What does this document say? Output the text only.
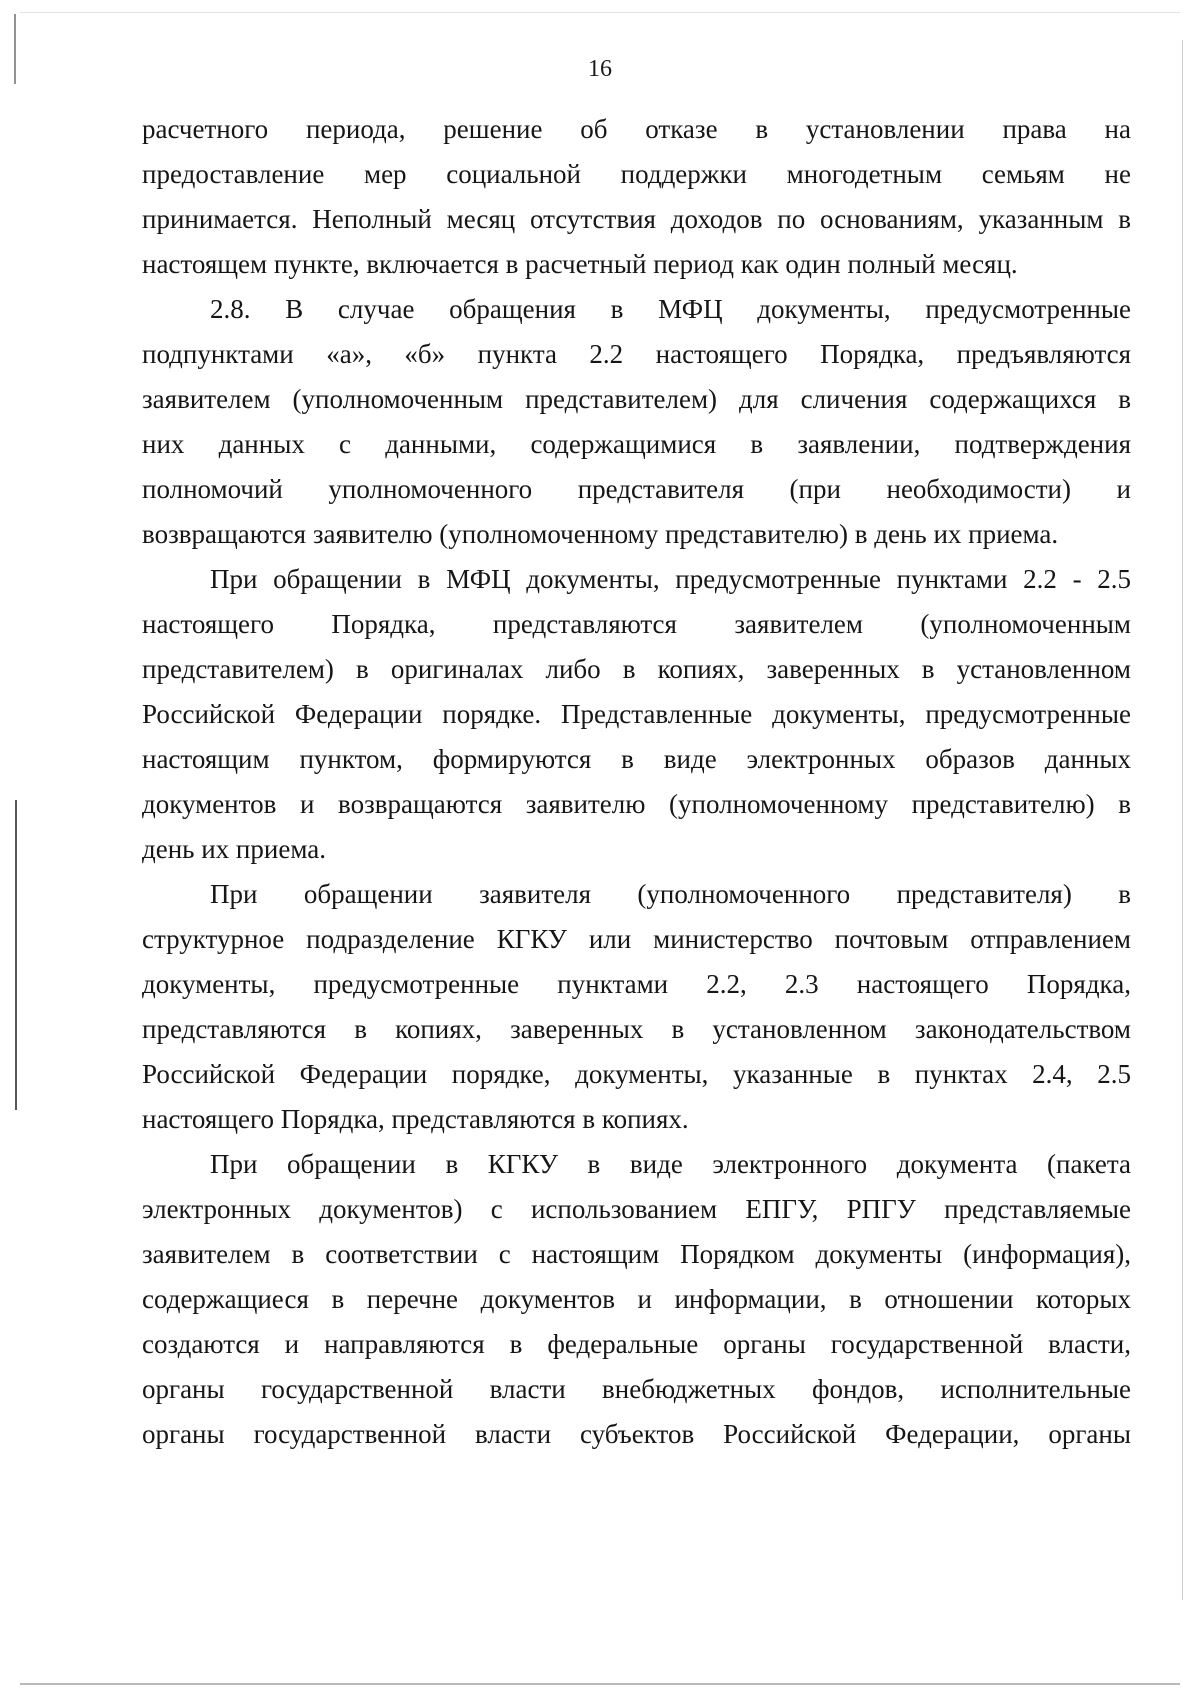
16
расчетного периода, решение об отказе в установлении права на
предоставление мер социальной поддержки многодетным семьям не
принимается. Неполный месяц отсутствия доходов по основаниям, указанным в
настоящем пункте, включается в расчетный период как один полный месяц.
2.8. В случае обращения в МФЦ документы, предусмотренные
подпунктами «а», «б» пункта 2.2 настоящего Порядка, предъявляются
заявителем (уполномоченным представителем) для сличения содержащихся в
них данных с данными, содержащимися в заявлении, подтверждения
полномочий уполномоченного представителя (при необходимости) и
возвращаются заявителю (уполномоченному представителю) в день их приема.
При обращении в МФЦ документы, предусмотренные пунктами 2.2 - 2.5
настоящего Порядка, представляются заявителем (уполномоченным
представителем) в оригиналах либо в копиях, заверенных в установленном
Российской Федерации порядке. Представленные документы, предусмотренные
настоящим пунктом, формируются в виде электронных образов данных
документов и возвращаются заявителю (уполномоченному представителю) в
день их приема.
При обращении заявителя (уполномоченного представителя) в
структурное подразделение КГКУ или министерство почтовым отправлением
документы, предусмотренные пунктами 2.2, 2.3 настоящего Порядка,
представляются в копиях, заверенных в установленном законодательством
Российской Федерации порядке, документы, указанные в пунктах 2.4, 2.5
настоящего Порядка, представляются в копиях.
При обращении в КГКУ в виде электронного документа (пакета
электронных документов) с использованием ЕПГУ, РПГУ представляемые
заявителем в соответствии с настоящим Порядком документы (информация),
содержащиеся в перечне документов и информации, в отношении которых
создаются и направляются в федеральные органы государственной власти,
органы государственной власти внебюджетных фондов, исполнительные
органы государственной власти субъектов Российской Федерации, органы
